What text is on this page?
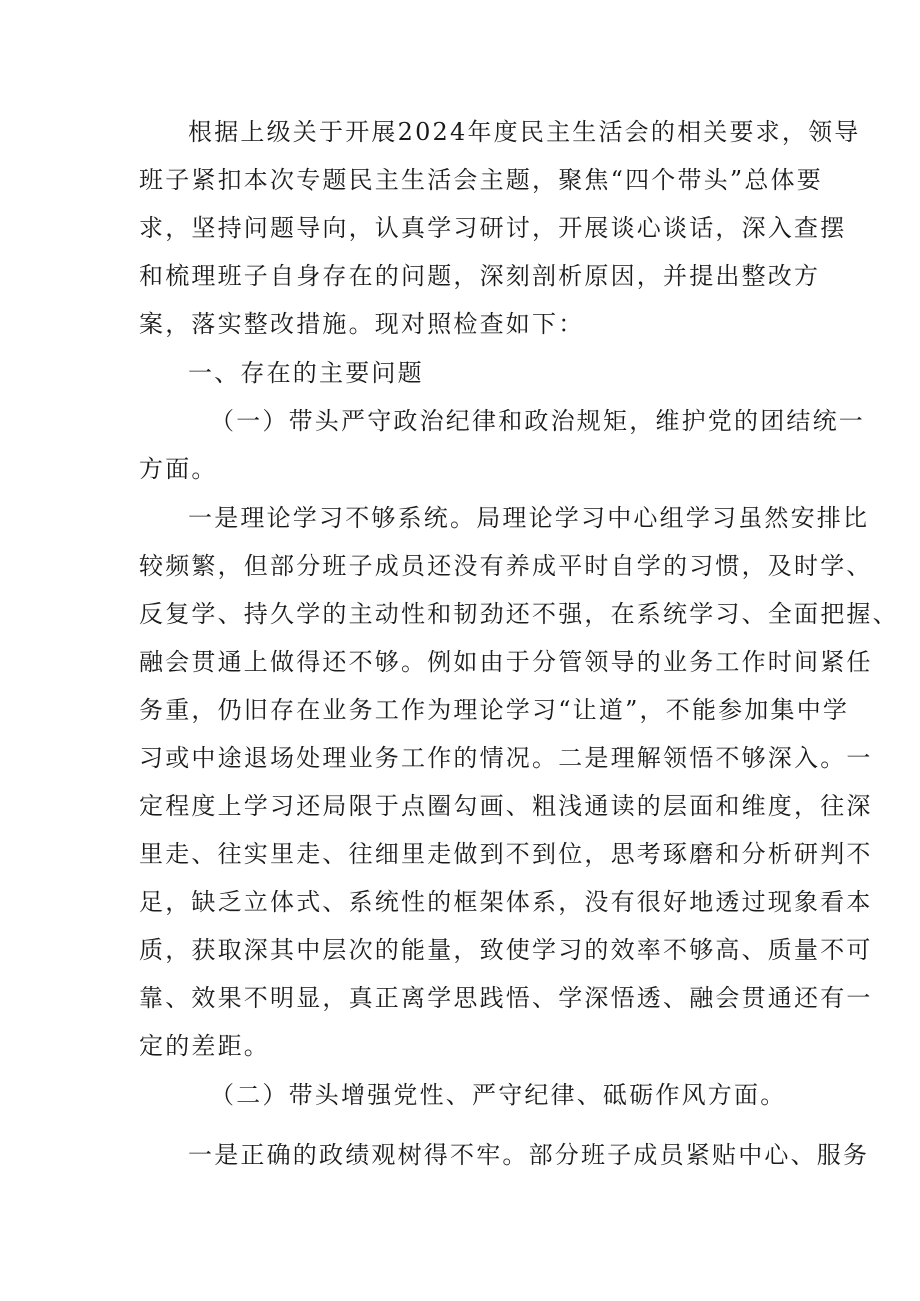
根据上级关于开展2024年度民主生活会的相关要求，领导
班子紧扣本次专题民主生活会主题，聚焦“四个带头”总体要
求，坚持问题导向，认真学习研讨，开展谈心谈话，深入查摆
和梳理班子自身存在的问题，深刻剖析原因，并提出整改方
案，落实整改措施。现对照检查如下：
一、存在的主要问题
（一）带头严守政治纪律和政治规矩，维护党的团结统一
方面。
一是理论学习不够系统。局理论学习中心组学习虽然安排比
较频繁，但部分班子成员还没有养成平时自学的习惯，及时学、
反复学、持久学的主动性和韧劲还不强，在系统学习、全面把握、
融会贯通上做得还不够。例如由于分管领导的业务工作时间紧任
务重，仍旧存在业务工作为理论学习“让道”，不能参加集中学
习或中途退场处理业务工作的情况。二是理解领悟不够深入。一
定程度上学习还局限于点圈勾画、粗浅通读的层面和维度，往深
里走、往实里走、往细里走做到不到位，思考琢磨和分析研判不
足，缺乏立体式、系统性的框架体系，没有很好地透过现象看本
质，获取深其中层次的能量，致使学习的效率不够高、质量不可
靠、效果不明显，真正离学思践悟、学深悟透、融会贯通还有一
定的差距。
（二）带头增强党性、严守纪律、砥砺作风方面。
一是正确的政绩观树得不牢。部分班子成员紧贴中心、服务
